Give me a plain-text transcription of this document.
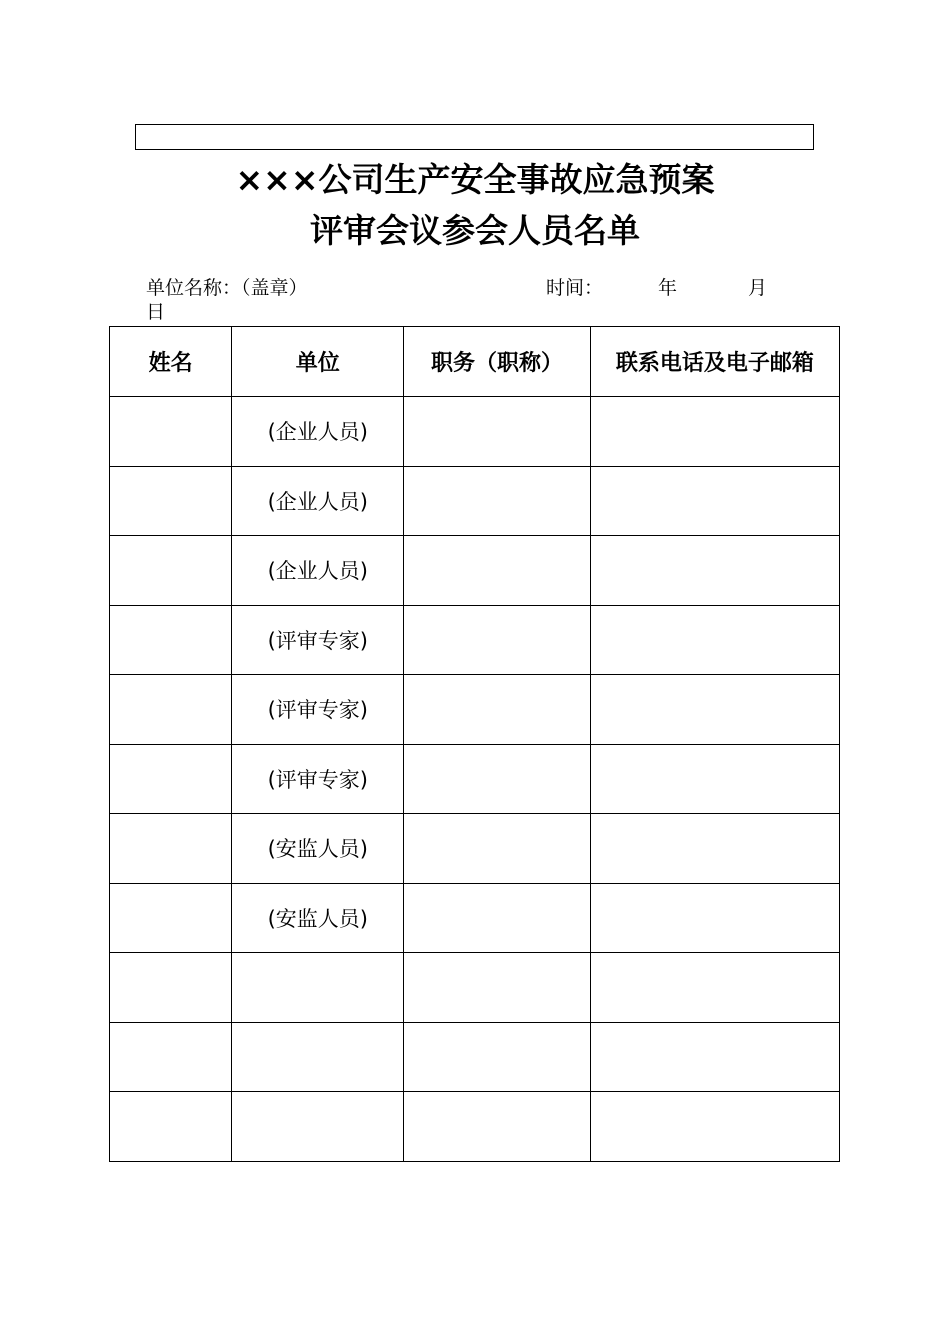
×××公司生产安全事故应急预案
评审会议参会人员名单
单位名称：（盖章）	时间：	年	月
日
姓名	单位	职务（职称）	联系电话及电子邮箱
	(企业人员)		
	(企业人员)		
	(企业人员)		
	(评审专家)		
	(评审专家)		
	(评审专家)		
	(安监人员)		
	(安监人员)		
